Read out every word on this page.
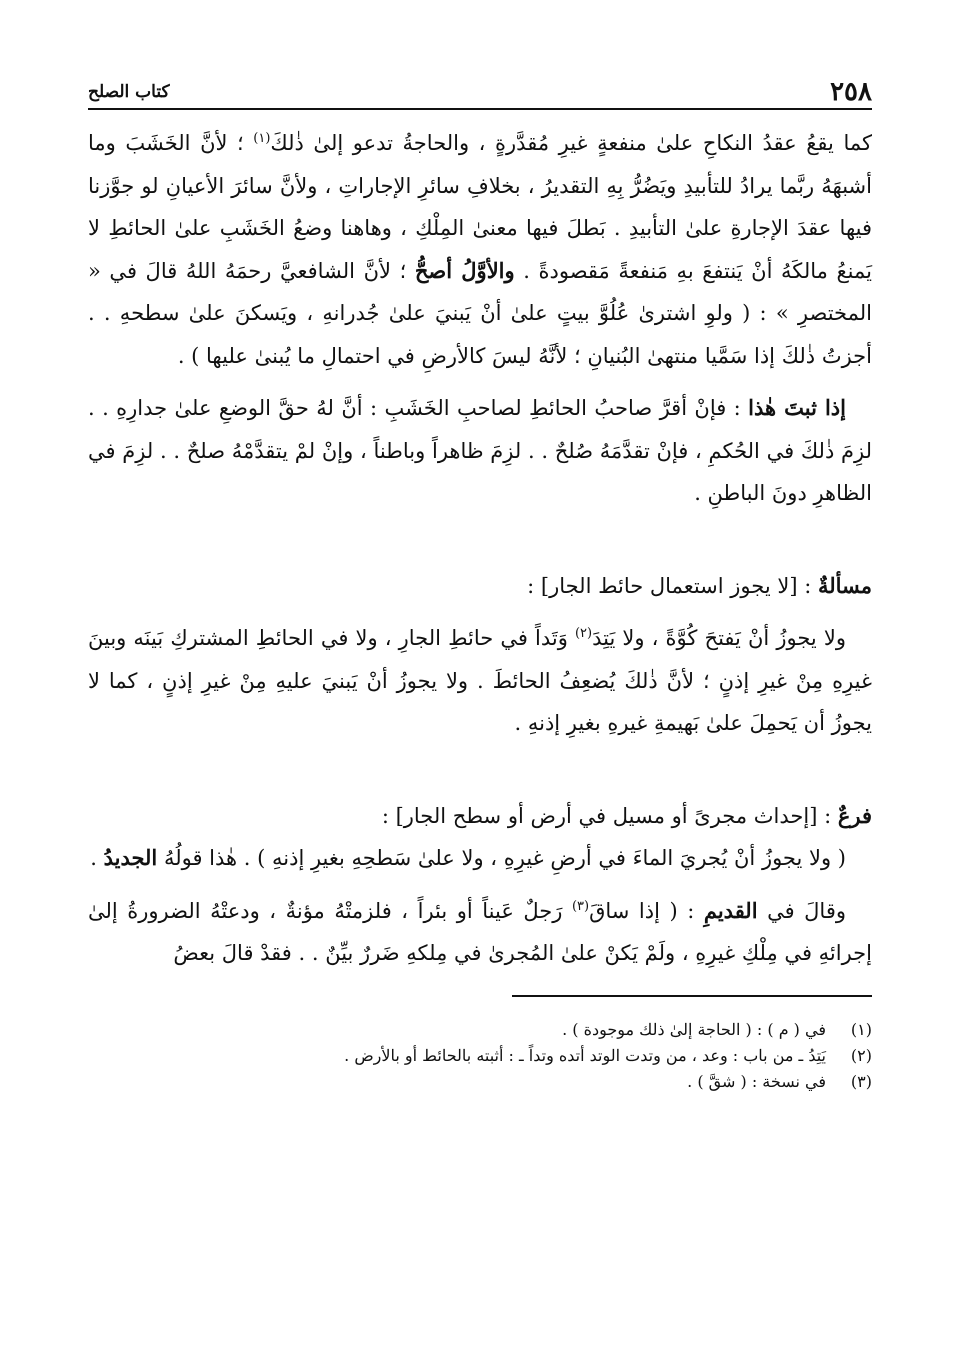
٢٥٨
كتاب الصلح

كما يقعُ عقدُ النكاحِ علىٰ منفعةٍ غيرِ مُقدَّرةٍ ، والحاجةُ تدعو إلىٰ ذٰلكَ$^{(١)}$ ؛ لأنَّ الخَشَبَ وما أشبهَهُ ربَّما يرادُ للتأبيدِ ويَضُرُّ بِهِ التقديرُ ، بخلافِ سائرِ الإجاراتِ ، ولأنَّ سائرَ الأعيانِ لو جوَّزنا فيها عقدَ الإجارةِ علىٰ التأبيدِ . بَطلَ فيها معنىٰ المِلْكِ ، وهاهنا وضعُ الخَشَبِ علىٰ الحائطِ لا يَمنعُ مالكَهُ أنْ يَنتفعَ بهِ مَنفعةً مَقصودةً . والأوَّلُ أصحُّ ؛ لأنَّ الشافعيَّ رحمَهُ اللهُ قالَ في « المختصرِ » : ( ولوِ اشترىٰ عُلُوَّ بيتٍ علىٰ أنْ يَبنيَ علىٰ جُدرانهِ ، ويَسكنَ علىٰ سطحهِ . . أجزتُ ذٰلكَ إذا سَمَّيا منتهىٰ البُنيانِ ؛ لأنَّهُ ليسَ كالأرضِ في احتمالِ ما يُبنىٰ عليها ) .

إذا ثبتَ هٰذا : فإنْ أقرَّ صاحبُ الحائطِ لصاحبِ الخَشَبِ : أنَّ لهُ حقَّ الوضعِ علىٰ جدارِهِ . . لزِمَ ذٰلكَ في الحُكمِ ، فإنْ تقدَّمَهُ صُلحٌ . . لزِمَ ظاهراً وباطناً ، وإنْ لمْ يتقدَّمْهُ صلحٌ . . لزِمَ في الظاهرِ دونَ الباطنِ .

مسألةٌ : [لا يجوز استعمال حائط الجار] :

ولا يجوزُ أنْ يَفتحَ كُوَّةً ، ولا يَتِدَ$^{(٢)}$ وَتَداً في حائطِ الجارِ ، ولا في الحائطِ المشتركِ بَينَه وبينَ غيرِهِ مِنْ غيرِ إذنٍ ؛ لأنَّ ذٰلكَ يُضعِفُ الحائطَ . ولا يجوزُ أنْ يَبنيَ عليهِ مِنْ غيرِ إذنٍ ، كما لا يجوزُ أن يَحمِلَ علىٰ بَهيمةِ غيرهِ بغيرِ إذنهِ .

فرعٌ : [إحداث مجرىً أو مسيل في أرض أو سطح الجار] :

( ولا يجوزُ أنْ يُجريَ الماءَ في أرضِ غيرِهِ ، ولا علىٰ سَطحِهِ بغيرِ إذنهِ ) . هٰذا قولُهُ الجديدُ .

وقالَ في القديمِ : ( إذا ساقَ$^{(٣)}$ رَجلٌ عَيناً أو بئراً ، فلزمتْهُ مؤنةٌ ، ودعتْهُ الضرورةُ إلىٰ إجرائهِ في مِلْكِ غيرِهِ ، ولَمْ يَكنْ علىٰ المُجرىٰ في مِلكهِ ضَررٌ بيِّنٌ . . فقدْ قالَ بعضُ

(١)
في ( م ) : ( الحاجة إلىٰ ذلك موجودة ) .
(٢)
يَتِدُ ـ من باب : وعد ، من وتدت الوتد أتده وتداً ـ : أثبته بالحائط أو بالأرض .
(٣)
في نسخة : ( شقَّ ) .
